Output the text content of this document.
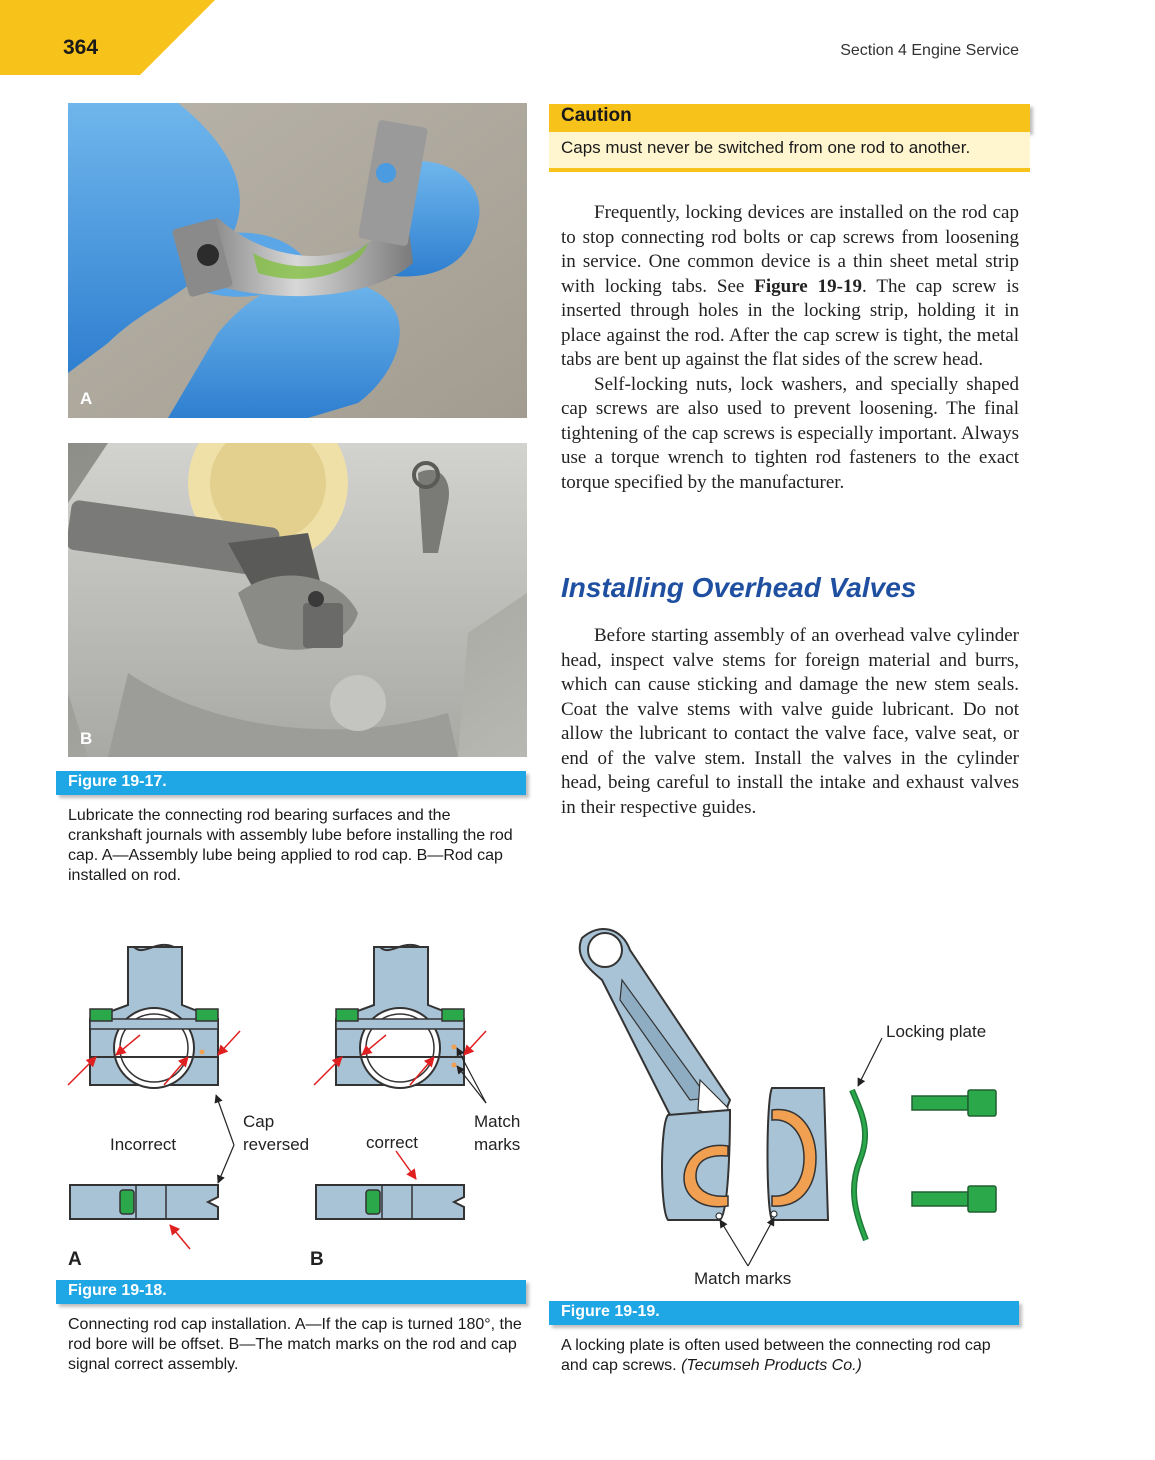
364	Section 4 Engine Service
A
B
Figure 19-17.
Lubricate the connecting rod bearing surfaces and the crankshaft journals with assembly lube before installing the rod cap. A—Assembly lube being applied to rod cap. B—Rod cap installed on rod.
Caution
Caps must never be switched from one rod to another.

Frequently, locking devices are installed on the rod cap to stop connecting rod bolts or cap screws from loosening in service. One common device is a thin sheet metal strip with locking tabs. See Figure 19-19. The cap screw is inserted through holes in the locking strip, holding it in place against the rod. After the cap screw is tight, the metal tabs are bent up against the flat sides of the screw head.

Self-locking nuts, lock washers, and specially shaped cap screws are also used to prevent loosening. The final tightening of the cap screws is especially important. Always use a torque wrench to tighten rod fasteners to the exact torque specified by the manufacturer.

Installing Overhead Valves

Before starting assembly of an overhead valve cylinder head, inspect valve stems for foreign material and burrs, which can cause sticking and damage the new stem seals. Coat the valve stems with valve guide lubricant. Do not allow the lubricant to contact the valve face, valve seat, or end of the valve stem. Install the valves in the cylinder head, being careful to install the intake and exhaust valves in their respective guides.

Cap
reversed
Incorrect	correct
Match
marks
A	B
Figure 19-18.
Connecting rod cap installation. A—If the cap is turned 180°, the rod bore will be offset. B—The match marks on the rod and cap signal correct assembly.
Locking plate
Match marks
Figure 19-19.
A locking plate is often used between the connecting rod cap and cap screws. (Tecumseh Products Co.)
